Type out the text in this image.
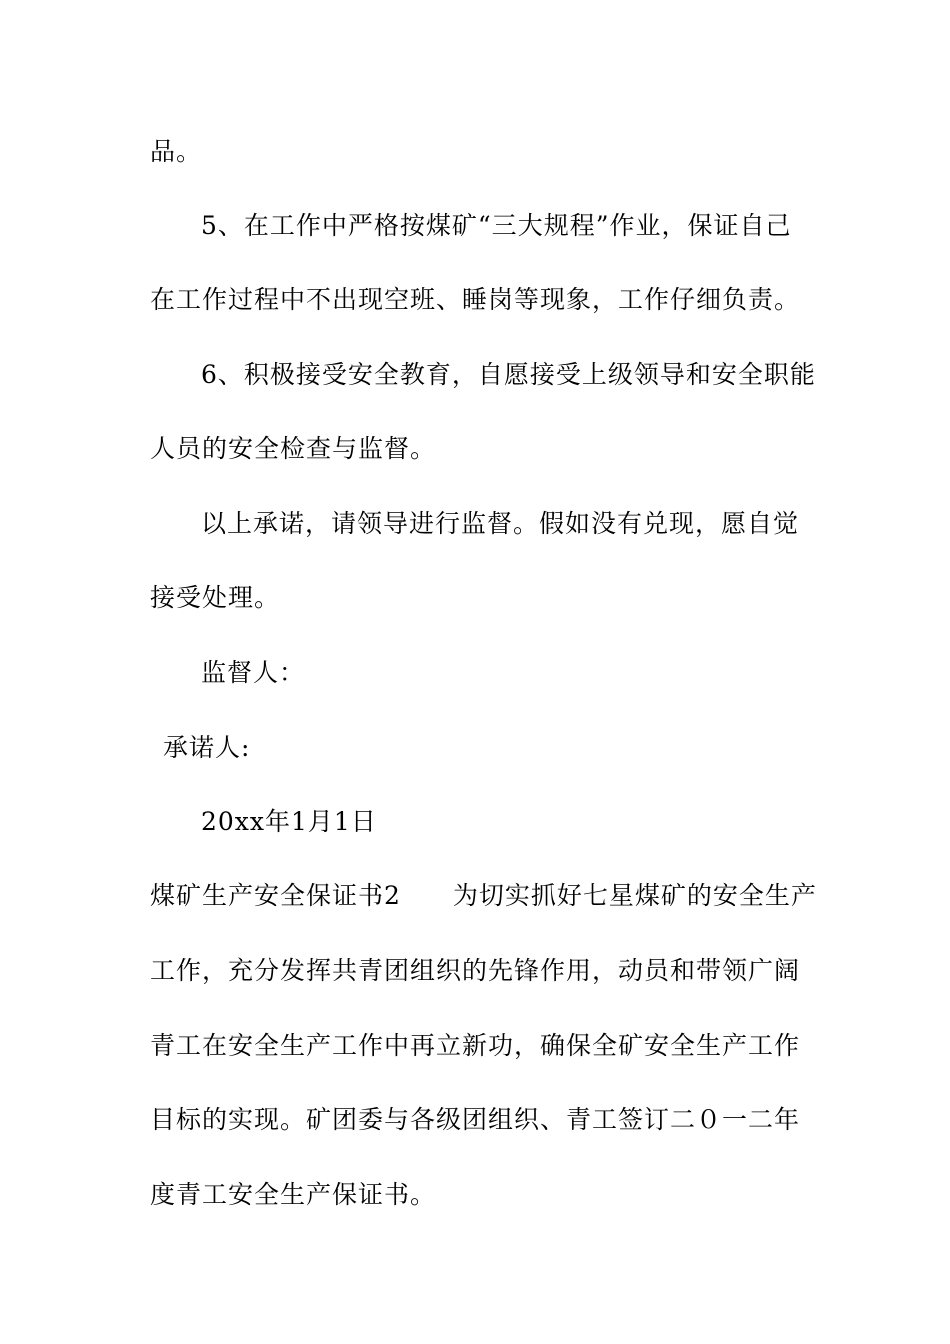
品。
5、在工作中严格按煤矿“三大规程”作业，保证自己
在工作过程中不出现空班、睡岗等现象，工作仔细负责。
6、积极接受安全教育，自愿接受上级领导和安全职能
人员的安全检查与监督。
以上承诺，请领导进行监督。假如没有兑现，愿自觉
接受处理。
监督人：
承诺人:
20xx年1月1日
煤矿生产安全保证书2　　为切实抓好七星煤矿的安全生产
工作，充分发挥共青团组织的先锋作用，动员和带领广阔
青工在安全生产工作中再立新功，确保全矿安全生产工作
目标的实现。矿团委与各级团组织、青工签订二０一二年
度青工安全生产保证书。
